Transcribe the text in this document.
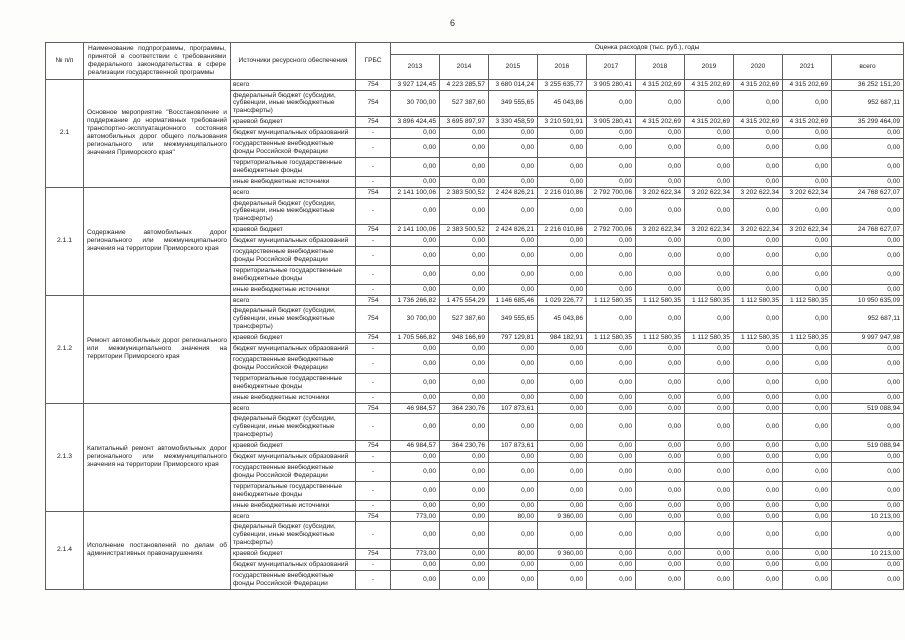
6
№ п/п	Наименование подпрограммы, программы, принятой в соответствии с требованиями федерального законодательства в сфере реализации государственной программы	Источники ресурсного обеспечения	ГРБС	Оценка расходов (тыс. руб.), годы									
				2013	2014	2015	2016	2017	2018	2019	2020	2021	всего
2.1	Основное мероприятие "Восстановление и поддержание до нормативных требований транспортно-эксплуатационного состояния автомобильных дорог общего пользования регионального или межмуниципального значения Приморского края"	всего	754	3 927 124,45	4 223 285,57	3 680 014,24	3 255 635,77	3 905 280,41	4 315 202,69	4 315 202,69	4 315 202,69	4 315 202,69	36 252 151,20
		федеральный бюджет (субсидии, субвенции, иные межбюджетные трансферты)	754	30 700,00	527 387,60	349 555,65	45 043,86	0,00	0,00	0,00	0,00	0,00	952 687,11
		краевой бюджет	754	3 896 424,45	3 695 897,97	3 330 458,59	3 210 591,91	3 905 280,41	4 315 202,69	4 315 202,69	4 315 202,69	4 315 202,69	35 299 464,09
		бюджет муниципальных образований	-	0,00	0,00	0,00	0,00	0,00	0,00	0,00	0,00	0,00	0,00
		государственные внебюджетные фонды Российской Федерации	-	0,00	0,00	0,00	0,00	0,00	0,00	0,00	0,00	0,00	0,00
		территориальные государственные внебюджетные фонды	-	0,00	0,00	0,00	0,00	0,00	0,00	0,00	0,00	0,00	0,00
		иные внебюджетные источники	-	0,00	0,00	0,00	0,00	0,00	0,00	0,00	0,00	0,00	0,00
2.1.1	Содержание автомобильных дорог регионального или межмуниципального значения на территории Приморского края	всего	754	2 141 100,06	2 383 500,52	2 424 826,21	2 216 010,86	2 792 700,06	3 202 622,34	3 202 622,34	3 202 622,34	3 202 622,34	24 768 627,07
		федеральный бюджет (субсидии, субвенции, иные межбюджетные трансферты)	-	0,00	0,00	0,00	0,00	0,00	0,00	0,00	0,00	0,00	0,00
		краевой бюджет	754	2 141 100,06	2 383 500,52	2 424 826,21	2 216 010,86	2 792 700,06	3 202 622,34	3 202 622,34	3 202 622,34	3 202 622,34	24 768 627,07
		бюджет муниципальных образований	-	0,00	0,00	0,00	0,00	0,00	0,00	0,00	0,00	0,00	0,00
		государственные внебюджетные фонды Российской Федерации	-	0,00	0,00	0,00	0,00	0,00	0,00	0,00	0,00	0,00	0,00
		территориальные государственные внебюджетные фонды	-	0,00	0,00	0,00	0,00	0,00	0,00	0,00	0,00	0,00	0,00
		иные внебюджетные источники	-	0,00	0,00	0,00	0,00	0,00	0,00	0,00	0,00	0,00	0,00
2.1.2	Ремонт автомобильных дорог регионального или межмуниципального значения на территории Приморского края	всего	754	1 736 266,82	1 475 554,29	1 146 685,46	1 029 226,77	1 112 580,35	1 112 580,35	1 112 580,35	1 112 580,35	1 112 580,35	10 950 635,09
		федеральный бюджет (субсидии, субвенции, иные межбюджетные трансферты)	754	30 700,00	527 387,60	349 555,65	45 043,86	0,00	0,00	0,00	0,00	0,00	952 687,11
		краевой бюджет	754	1 705 566,82	948 166,69	797 129,81	984 182,91	1 112 580,35	1 112 580,35	1 112 580,35	1 112 580,35	1 112 580,35	9 997 947,98
		бюджет муниципальных образований	-	0,00	0,00	0,00	0,00	0,00	0,00	0,00	0,00	0,00	0,00
		государственные внебюджетные фонды Российской Федерации	-	0,00	0,00	0,00	0,00	0,00	0,00	0,00	0,00	0,00	0,00
		территориальные государственные внебюджетные фонды	-	0,00	0,00	0,00	0,00	0,00	0,00	0,00	0,00	0,00	0,00
		иные внебюджетные источники	-	0,00	0,00	0,00	0,00	0,00	0,00	0,00	0,00	0,00	0,00
2.1.3	Капитальный ремонт автомобильных дорог регионального или межмуниципального значения на территории Приморского края	всего	754	46 984,57	364 230,76	107 873,61	0,00	0,00	0,00	0,00	0,00	0,00	519 088,94
		федеральный бюджет (субсидии, субвенции, иные межбюджетные трансферты)	-	0,00	0,00	0,00	0,00	0,00	0,00	0,00	0,00	0,00	0,00
		краевой бюджет	754	46 984,57	364 230,76	107 873,61	0,00	0,00	0,00	0,00	0,00	0,00	519 088,94
		бюджет муниципальных образований	-	0,00	0,00	0,00	0,00	0,00	0,00	0,00	0,00	0,00	0,00
		государственные внебюджетные фонды Российской Федерации	-	0,00	0,00	0,00	0,00	0,00	0,00	0,00	0,00	0,00	0,00
		территориальные государственные внебюджетные фонды	-	0,00	0,00	0,00	0,00	0,00	0,00	0,00	0,00	0,00	0,00
		иные внебюджетные источники	-	0,00	0,00	0,00	0,00	0,00	0,00	0,00	0,00	0,00	0,00
2.1.4	Исполнение постановлений по делам об административных правонарушениях	всего	754	773,00	0,00	80,00	9 360,00	0,00	0,00	0,00	0,00	0,00	10 213,00
		федеральный бюджет (субсидии, субвенции, иные межбюджетные трансферты)	-	0,00	0,00	0,00	0,00	0,00	0,00	0,00	0,00	0,00	0,00
		краевой бюджет	754	773,00	0,00	80,00	9 360,00	0,00	0,00	0,00	0,00	0,00	10 213,00
		бюджет муниципальных образований	-	0,00	0,00	0,00	0,00	0,00	0,00	0,00	0,00	0,00	0,00
		государственные внебюджетные фонды Российской Федерации	-	0,00	0,00	0,00	0,00	0,00	0,00	0,00	0,00	0,00	0,00
